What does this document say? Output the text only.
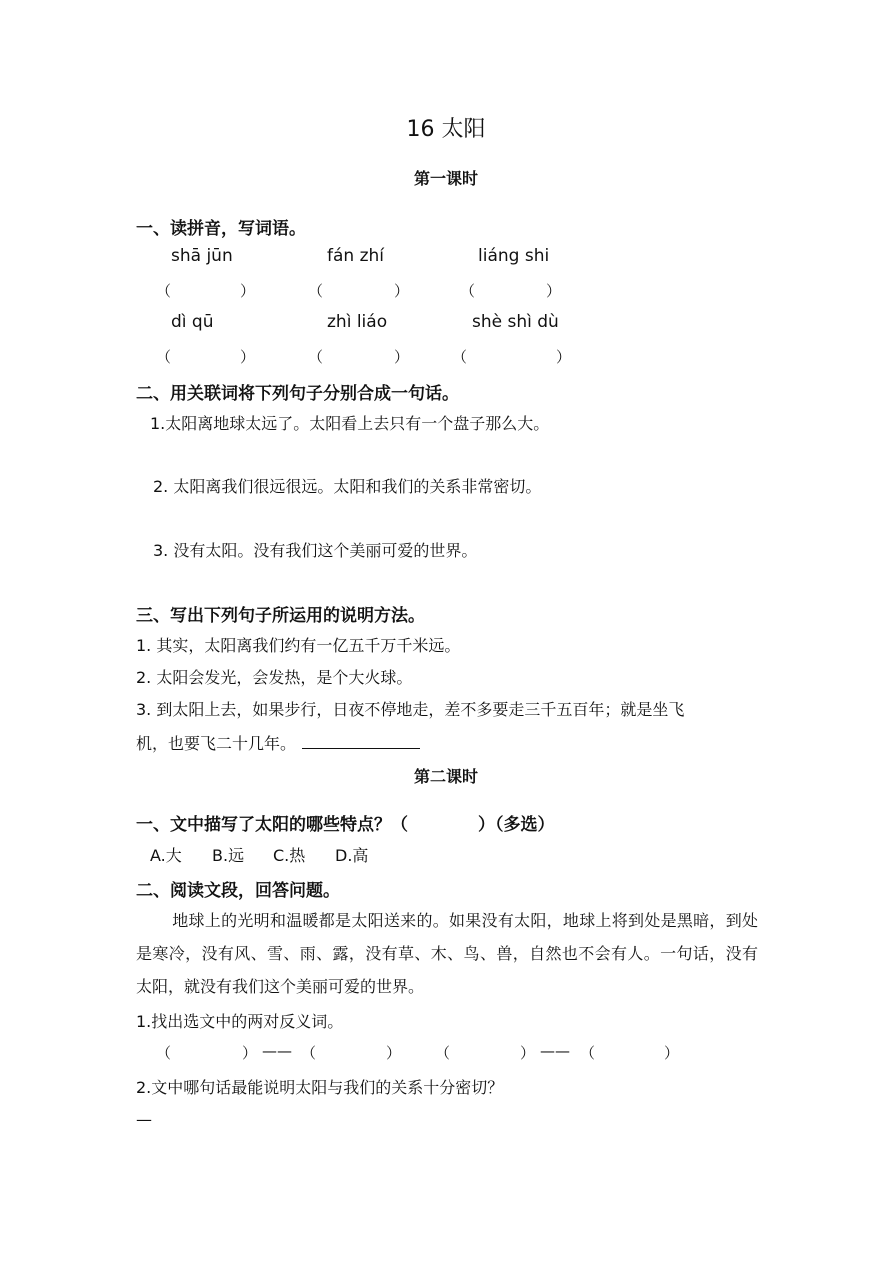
16 太阳
第一课时
一、读拼音，写词语。
shā jūn	fán zhí	liáng shi
（	）	（	）	（	）
dì qū	zhì liáo	shè shì dù
（	）	（	）	（	）
二、用关联词将下列句子分别合成一句话。
1.太阳离地球太远了。太阳看上去只有一个盘子那么大。
2. 太阳离我们很远很远。太阳和我们的关系非常密切。
3. 没有太阳。没有我们这个美丽可爱的世界。
三、写出下列句子所运用的说明方法。
1. 其实，太阳离我们约有一亿五千万千米远。
2. 太阳会发光，会发热，是个大火球。
3. 到太阳上去，如果步行，日夜不停地走，差不多要走三千五百年；就是坐飞
机，也要飞二十几年。
第二课时
一、文中描写了太阳的哪些特点？（	）（多选）
A.大 B.远 C.热 D.高
二、阅读文段，回答问题。
地球上的光明和温暖都是太阳送来的。如果没有太阳，地球上将到处是黑暗，到处是寒冷，没有风、雪、雨、露，没有草、木、鸟、兽，自然也不会有人。一句话，没有太阳，就没有我们这个美丽可爱的世界。
1.找出选文中的两对反义词。
（	） —— （	） （	） —— （	）
2.文中哪句话最能说明太阳与我们的关系十分密切？
—
